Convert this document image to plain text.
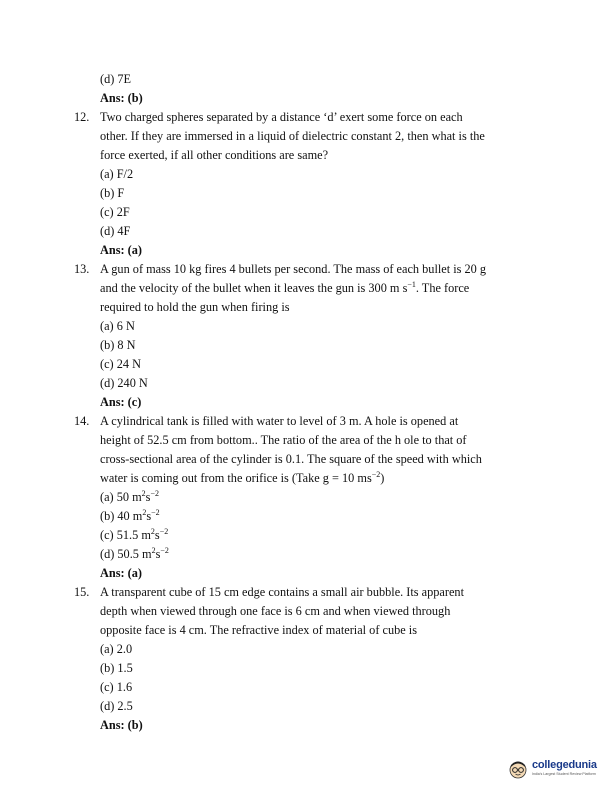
(d) 7E
Ans: (b)
12. Two charged spheres separated by a distance ‘d’ exert some force on each
other. If they are immersed in a liquid of dielectric constant 2, then what is the
force exerted, if all other conditions are same?
(a) F/2
(b) F
(c) 2F
(d) 4F
Ans: (a)
13. A gun of mass 10 kg fires 4 bullets per second. The mass of each bullet is 20 g
and the velocity of the bullet when it leaves the gun is 300 m $s^{-1}$. The force
required to hold the gun when firing is
(a) 6 N
(b) 8 N
(c) 24 N
(d) 240 N
Ans: (c)
14. A cylindrical tank is filled with water to level of 3 m. A hole is opened at
height of 52.5 cm from bottom.. The ratio of the area of the h ole to that of
cross-sectional area of the cylinder is 0.1. The square of the speed with which
water is coming out from the orifice is (Take g = 10 $ms^{-2}$)
(a) 50 $m^2s^{-2}$
(b) 40 $m^2s^{-2}$
(c) 51.5 $m^2s^{-2}$
(d) 50.5 $m^2s^{-2}$
Ans: (a)
15. A transparent cube of 15 cm edge contains a small air bubble. Its apparent
depth when viewed through one face is 6 cm and when viewed through
opposite face is 4 cm. The refractive index of material of cube is
(a) 2.0
(b) 1.5
(c) 1.6
(d) 2.5
Ans: (b)
collegedunia
India's Largest Student Review Platform
